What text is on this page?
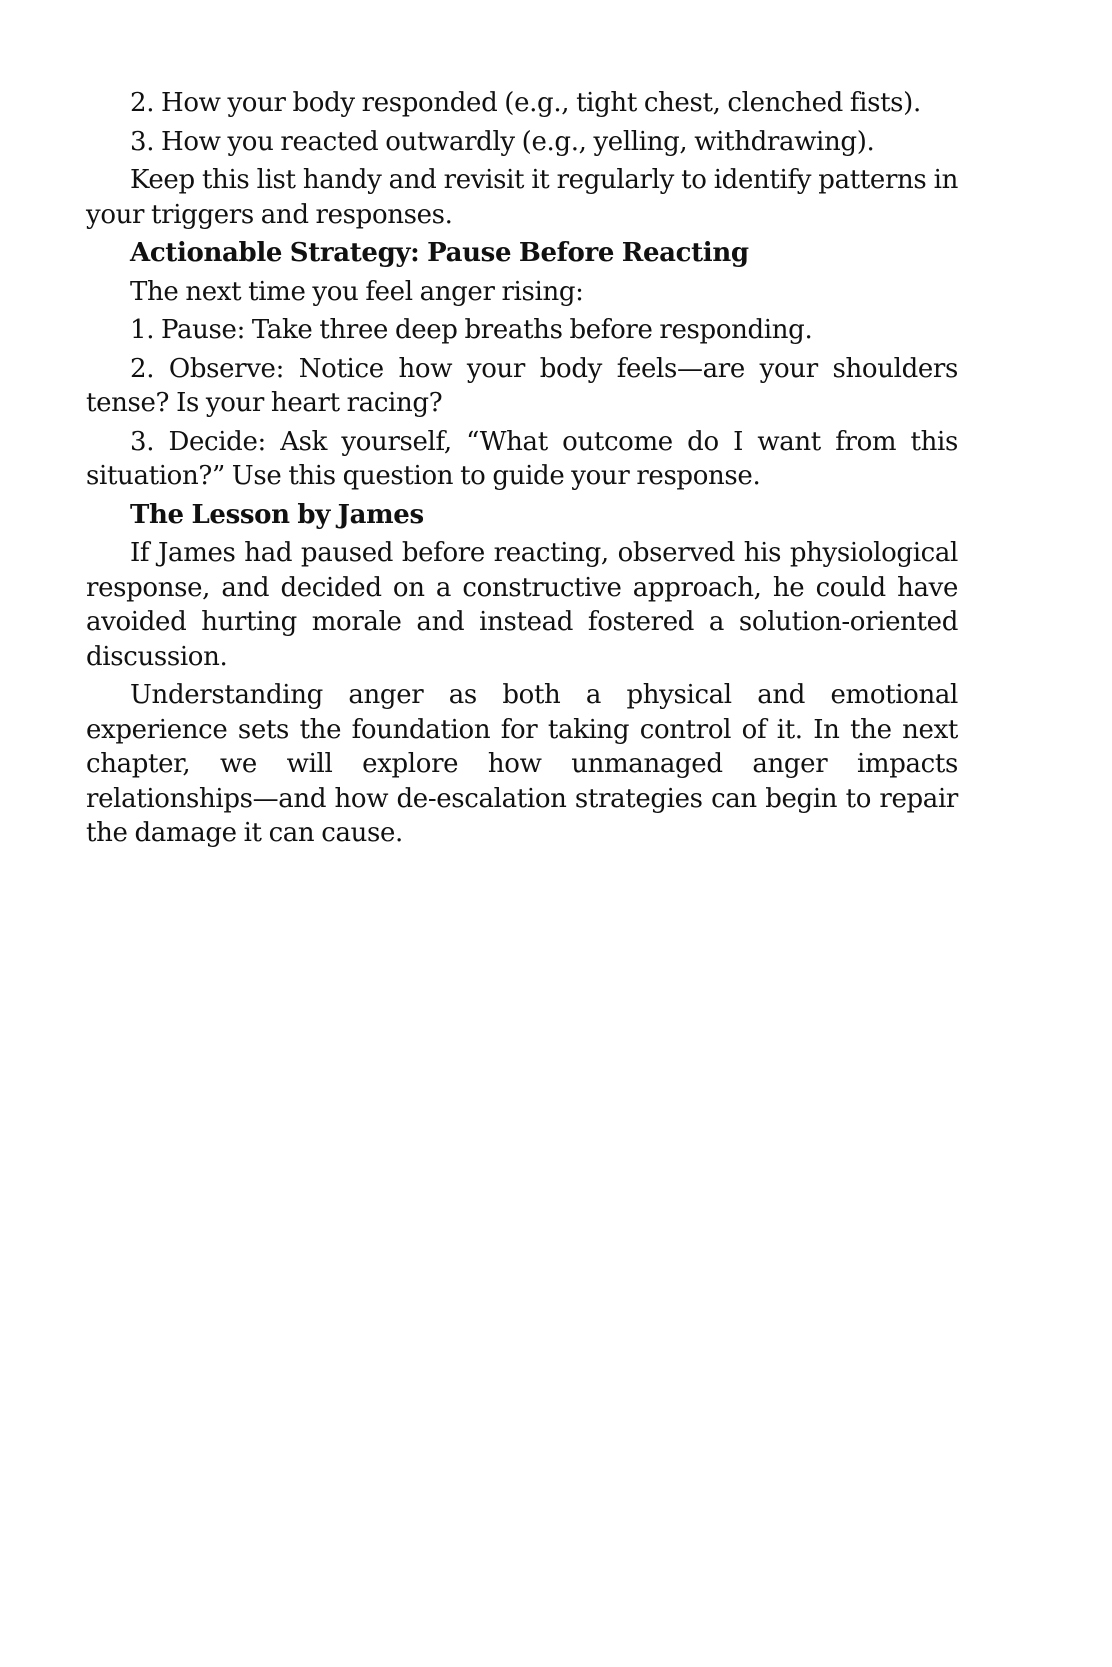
2. How your body responded (e.g., tight chest, clenched fists).

3. How you reacted outwardly (e.g., yelling, withdrawing).

Keep this list handy and revisit it regularly to identify patterns in your triggers and responses.

Actionable Strategy: Pause Before Reacting

The next time you feel anger rising:

1. Pause: Take three deep breaths before responding.

2. Observe: Notice how your body feels—are your shoulders tense? Is your heart racing?

3. Decide: Ask yourself, “What outcome do I want from this situation?” Use this question to guide your response.

The Lesson by James

If James had paused before reacting, observed his physiological response, and decided on a constructive approach, he could have avoided hurting morale and instead fostered a solution-oriented discussion.

Understanding anger as both a physical and emotional experience sets the foundation for taking control of it. In the next chapter, we will explore how unmanaged anger impacts relationships—and how de-escalation strategies can begin to repair the damage it can cause.
